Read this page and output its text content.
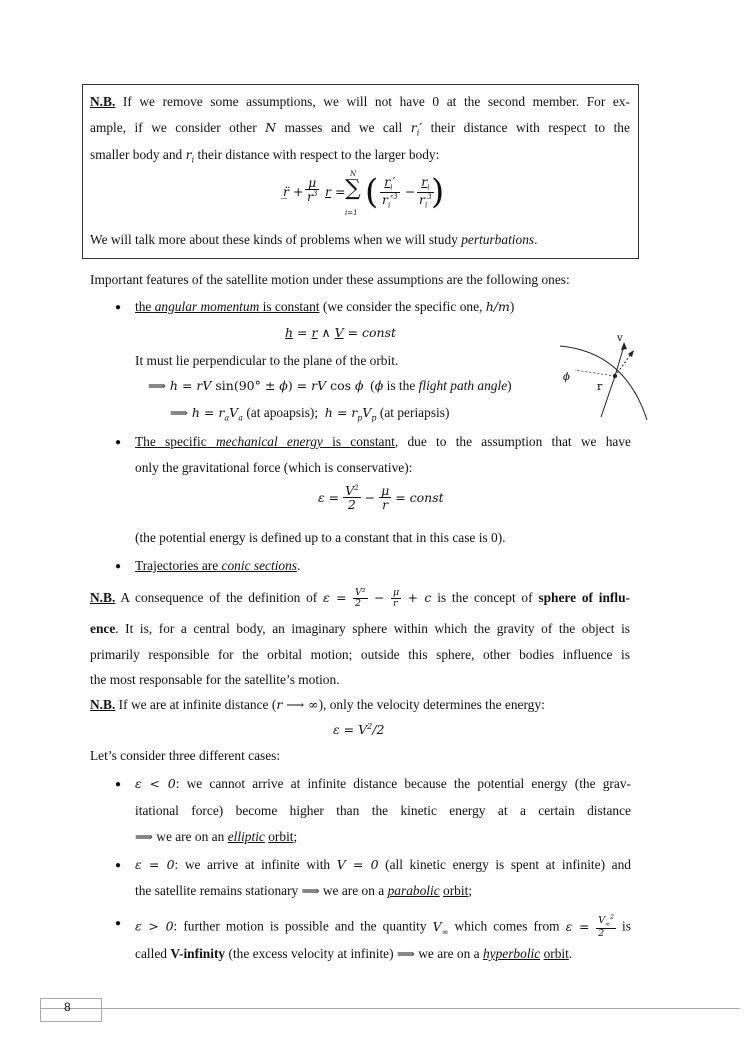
N.B. If we remove some assumptions, we will not have 0 at the second member. For ex-
ample, if we consider other N masses and we call $r_i'$ their distance with respect to the
smaller body and $r_i$ their distance with respect to the larger body:
r̲̈ + $\frac{\mu}{r^3}$ r =
N
∑
i=1
( $\frac{r_i'}{r_i'^3} - \frac{r_i}{r_i^3}$
)
We will talk more about these kinds of problems when we will study perturbations.
Important features of the satellite motion under these assumptions are the following ones:
● the angular momentum is constant (we consider the specific one, h/m)
h = r ∧ V = const
It must lie perpendicular to the plane of the orbit.
⟹ h = rV sin(90° ± ϕ) = rV cos ϕ  (ϕ is the flight path angle)
⟹ $h = r_aV_a$ (at apoapsis); $h = r_pV_p$ (at periapsis)
v
r
ϕ
● The specific mechanical energy is constant, due to the assumption that we have
only the gravitational force (which is conservative):
$\varepsilon = \frac{V^2}{2} - \frac{\mu}{r}$ = const
(the potential energy is defined up to a constant that in this case is 0).
● Trajectories are conic sections.
N.B. A consequence of the definition of $\varepsilon = \frac{\text{V²}}{2} - \frac{\mu}{r} + c$ is the concept of sphere of influ-
ence. It is, for a central body, an imaginary sphere within which the gravity of the object is
primarily responsible for the orbital motion; outside this sphere, other bodies influence is
the most responsable for the satellite’s motion.
N.B. If we are at infinite distance (r ⟶ ∞), only the velocity determines the energy:
$\varepsilon = V^2/2$
Let’s consider three different cases:
● ε < 0: we cannot arrive at infinite distance because the potential energy (the grav-
itational force) become higher than the kinetic energy at a certain distance
⟹ we are on an elliptic orbit;
● ε = 0: we arrive at infinite with V = 0 (all kinetic energy is spent at infinite) and
the satellite remains stationary ⟹ we are on a parabolic orbit;
● ε > 0: further motion is possible and the quantity $V_\infty$ which comes from $\varepsilon = \frac{V_\infty^2}{2}$ is
called V-infinity (the excess velocity at infinite) ⟹ we are on a hyperbolic orbit.
8
